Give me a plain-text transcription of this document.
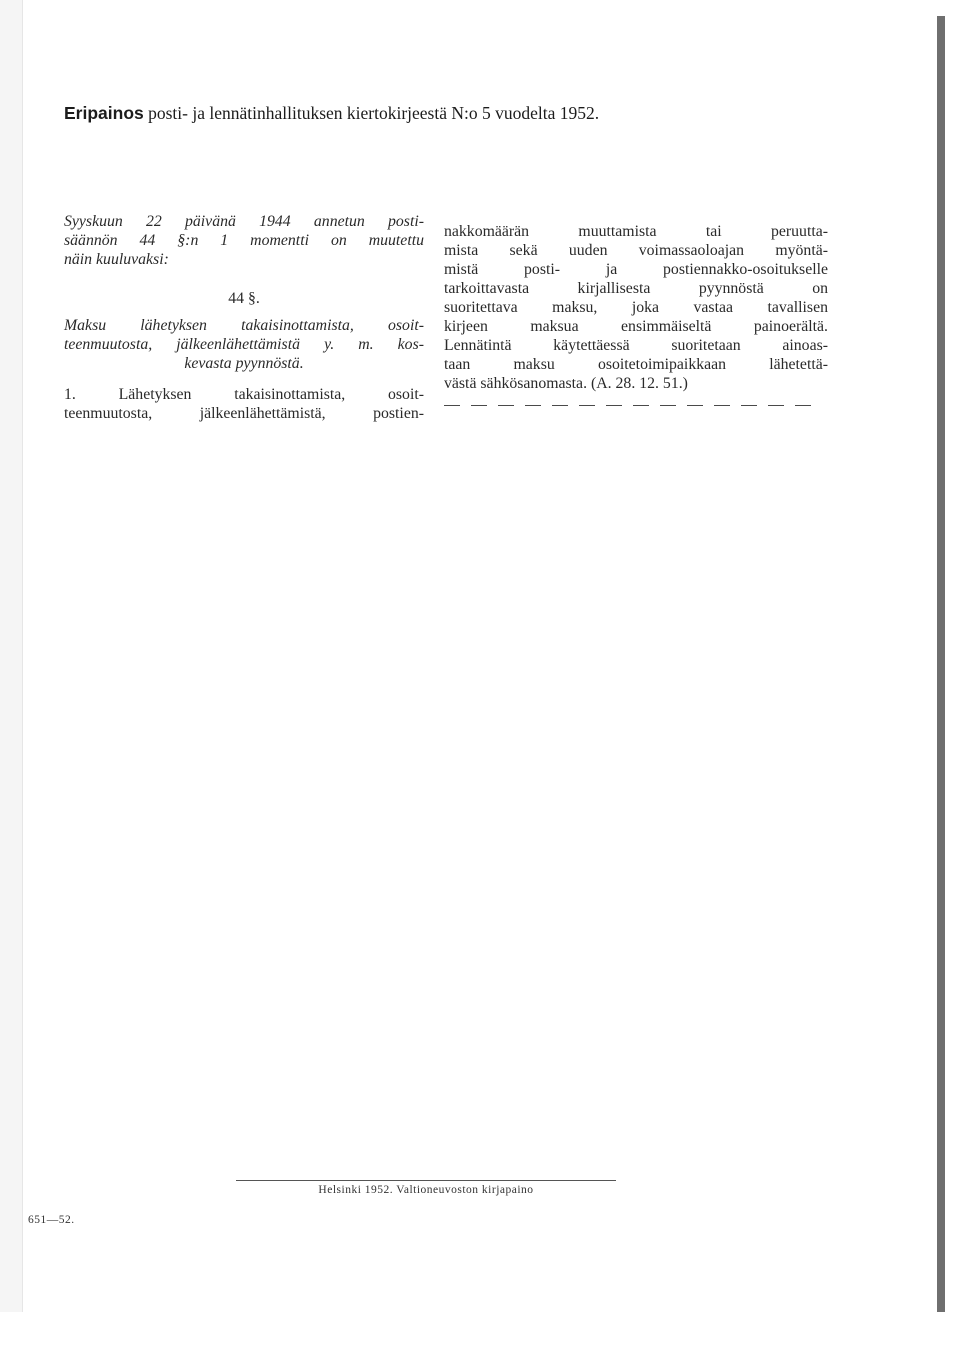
Eripainos posti- ja lennätinhallituksen kiertokirjeestä N:o 5 vuodelta 1952.
Syyskuun 22 päivänä 1944 annetun posti-
säännön 44 §:n 1 momentti on muutettu
näin kuuluvaksi:
44 §.
Maksu lähetyksen takaisinottamista, osoit-
teenmuutosta, jälkeenlähettämistä y. m. kos-
kevasta pyynnöstä.
1. Lähetyksen takaisinottamista, osoit-
teenmuutosta, jälkeenlähettämistä, postien-
nakkomäärän muuttamista tai peruutta-
mista sekä uuden voimassaoloajan myöntä-
mistä posti- ja postiennakko-osoitukselle
tarkoittavasta kirjallisesta pyynnöstä on
suoritettava maksu, joka vastaa tavallisen
kirjeen maksua ensimmäiseltä painoerältä.
Lennätintä käytettäessä suoritetaan ainoas-
taan maksu osoitetoimipaikkaan lähetettä-
västä sähkösanomasta. (A. 28. 12. 51.)
Helsinki 1952. Valtioneuvoston kirjapaino
651—52.
